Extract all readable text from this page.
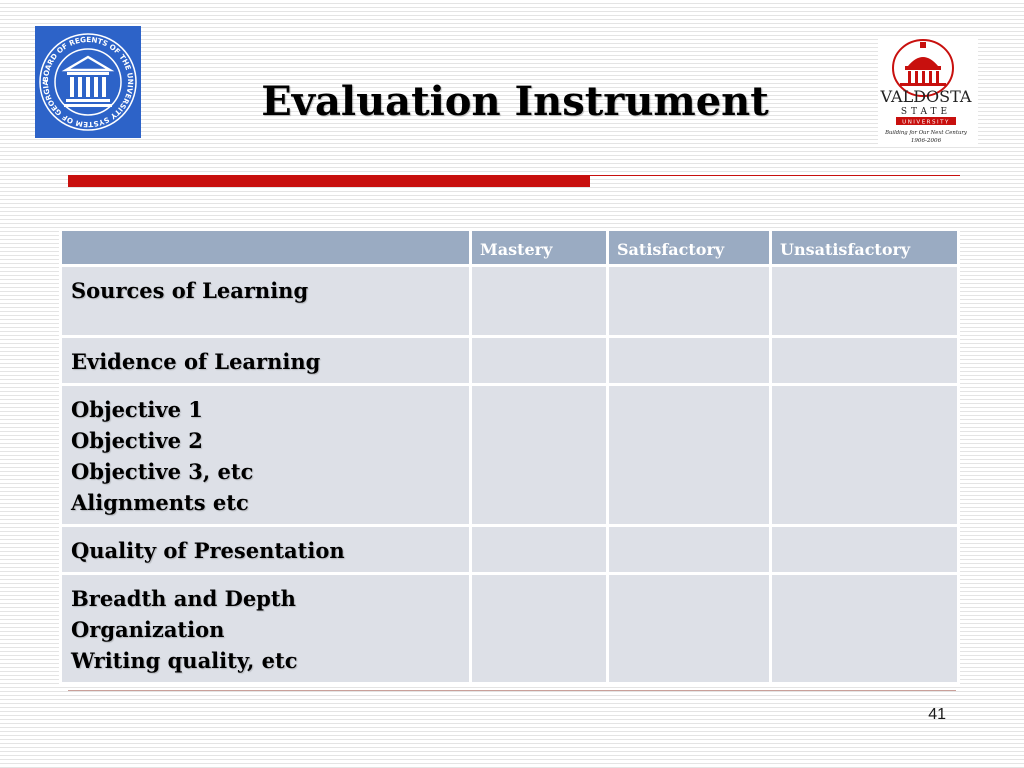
BOARD OF REGENTS OF THE UNIVERSITY SYSTEM OF GEORGIA	Evaluation Instrument	VALDOSTA
STATE
UNIVERSITY
Building for Our Next Century
1906-2006
	Mastery	Satisfactory	Unsatisfactory

Sources of Learning			

Evidence of Learning			

Objective 1
Objective 2
Objective 3, etc
Alignments etc			

Quality of Presentation			

Breadth and Depth
Organization
Writing quality, etc			

41
